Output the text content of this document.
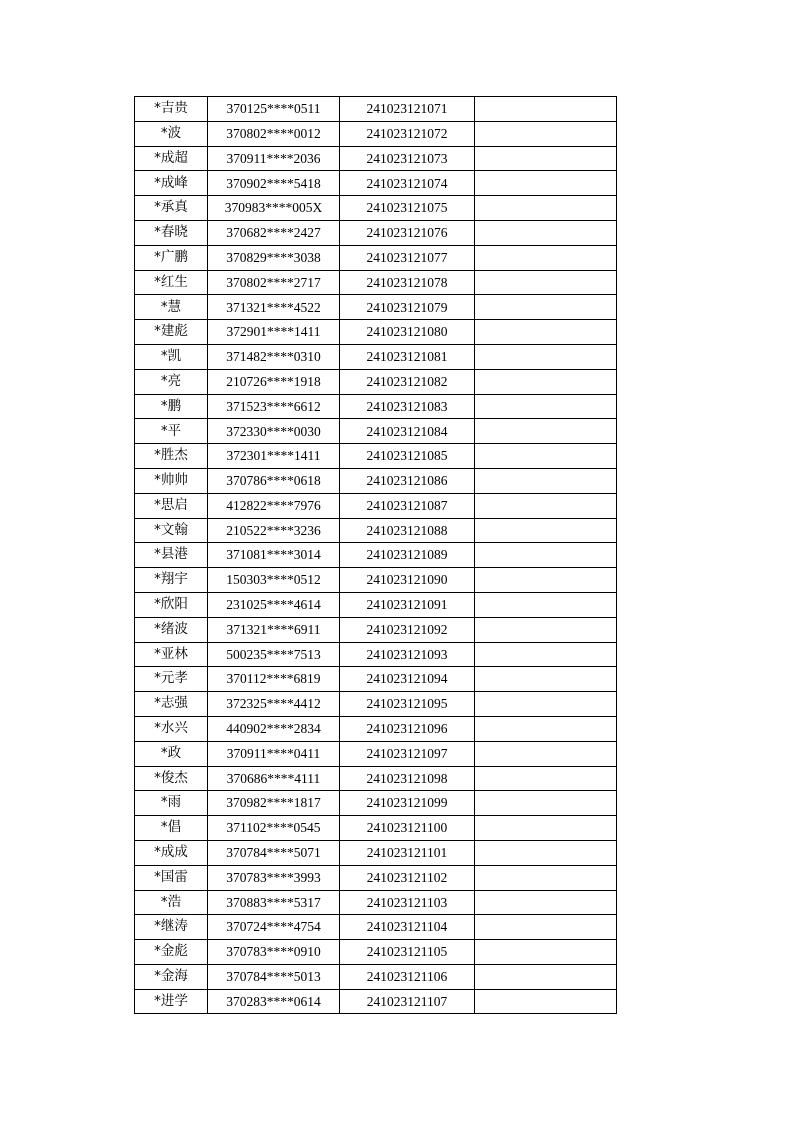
*吉贵	370125****0511	241023121071	
*波	370802****0012	241023121072	
*成超	370911****2036	241023121073	
*成峰	370902****5418	241023121074	
*承真	370983****005X	241023121075	
*春晓	370682****2427	241023121076	
*广鹏	370829****3038	241023121077	
*红生	370802****2717	241023121078	
*慧	371321****4522	241023121079	
*建彪	372901****1411	241023121080	
*凯	371482****0310	241023121081	
*亮	210726****1918	241023121082	
*鹏	371523****6612	241023121083	
*平	372330****0030	241023121084	
*胜杰	372301****1411	241023121085	
*帅帅	370786****0618	241023121086	
*思启	412822****7976	241023121087	
*文翰	210522****3236	241023121088	
*县港	371081****3014	241023121089	
*翔宇	150303****0512	241023121090	
*欣阳	231025****4614	241023121091	
*绪波	371321****6911	241023121092	
*亚林	500235****7513	241023121093	
*元孝	370112****6819	241023121094	
*志强	372325****4412	241023121095	
*水兴	440902****2834	241023121096	
*政	370911****0411	241023121097	
*俊杰	370686****4111	241023121098	
*雨	370982****1817	241023121099	
*倡	371102****0545	241023121100	
*成成	370784****5071	241023121101	
*国雷	370783****3993	241023121102	
*浩	370883****5317	241023121103	
*继涛	370724****4754	241023121104	
*金彪	370783****0910	241023121105	
*金海	370784****5013	241023121106	
*进学	370283****0614	241023121107	
